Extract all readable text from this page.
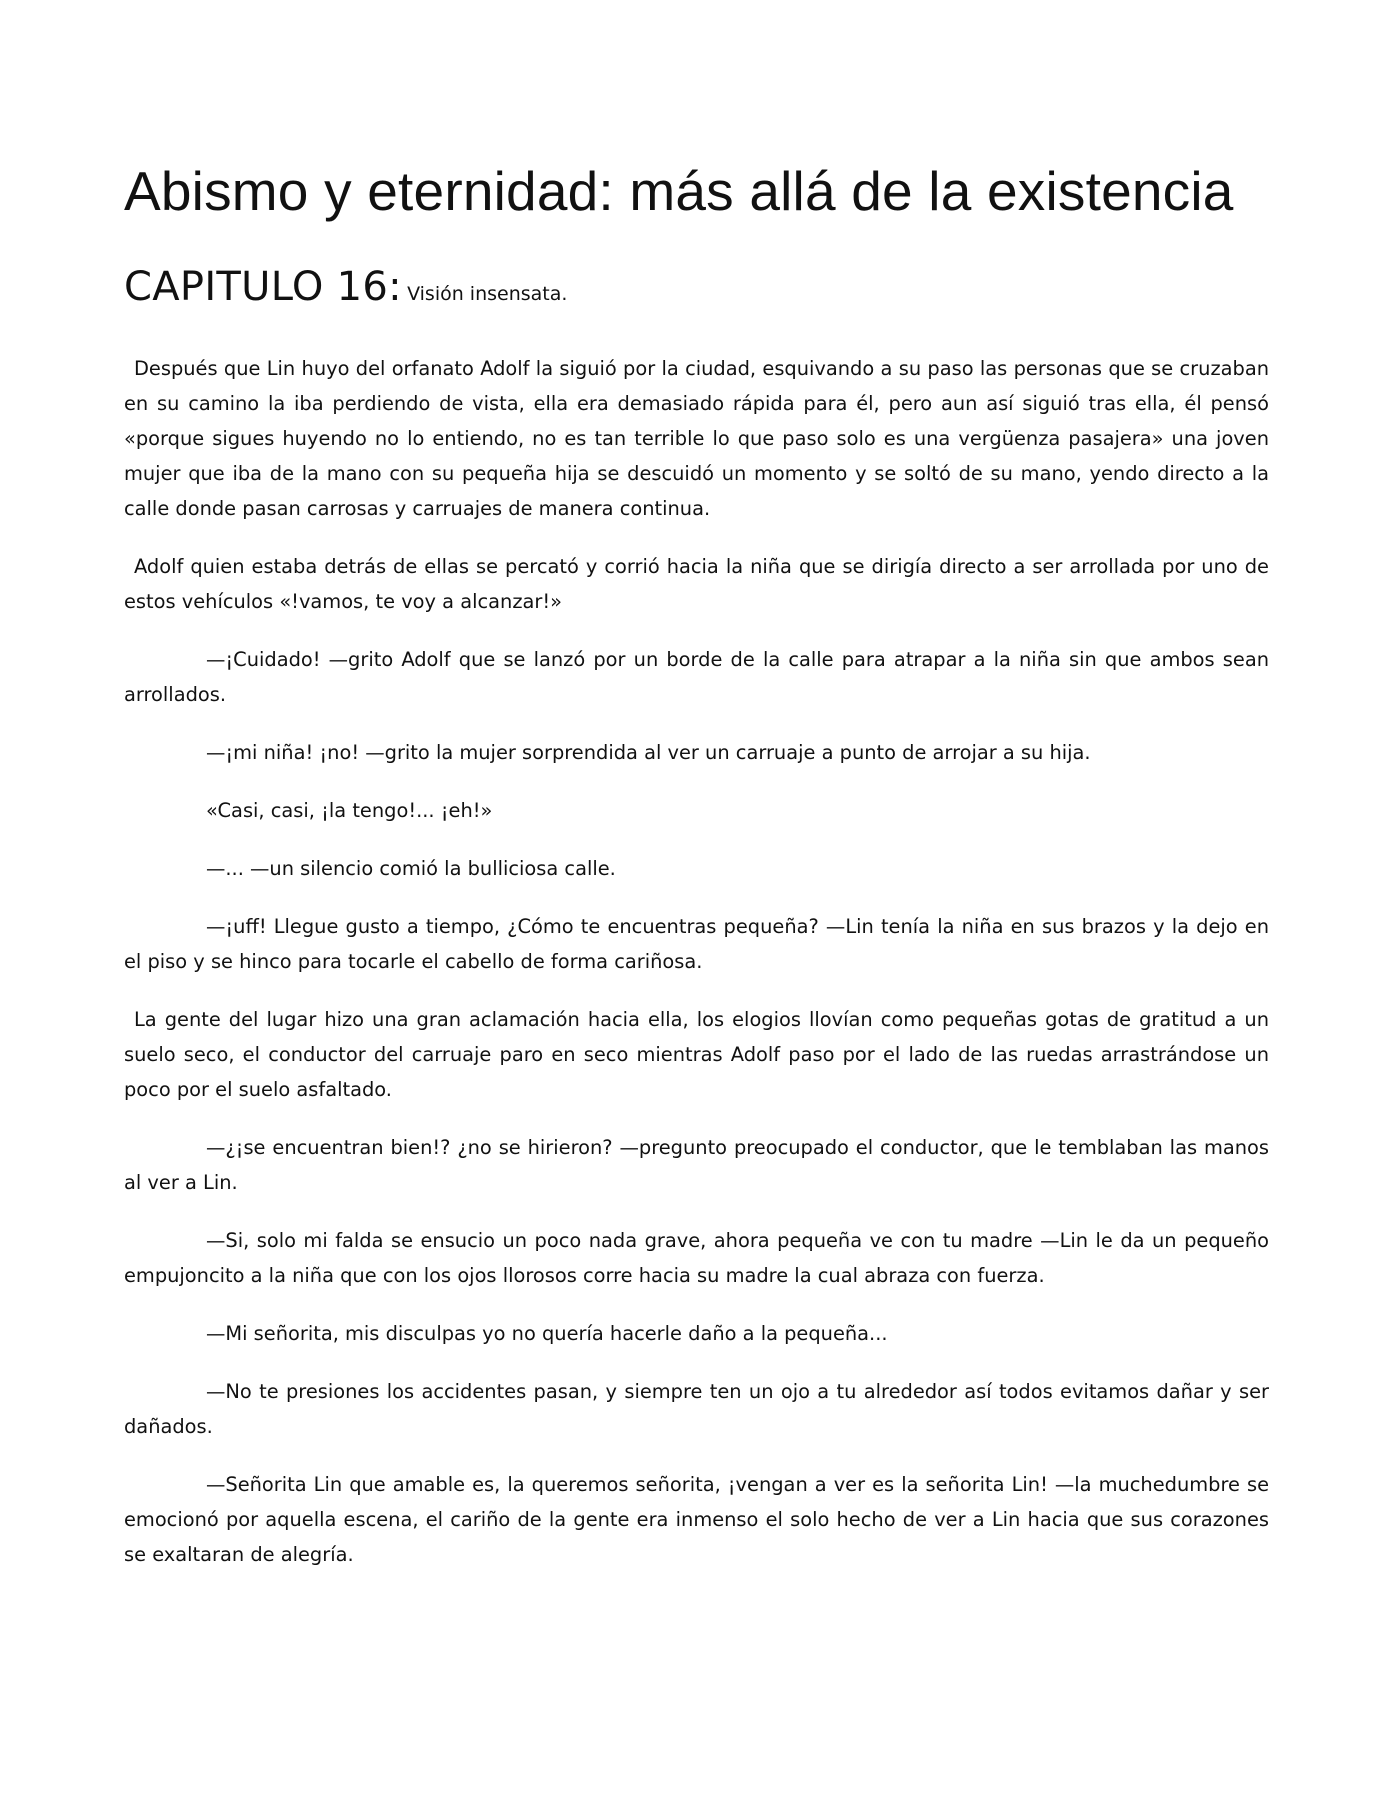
Abismo y eternidad: más allá de la existencia
CAPITULO 16: Visión insensata.

Después que Lin huyo del orfanato Adolf la siguió por la ciudad, esquivando a su paso las personas que se cruzaban en su camino la iba perdiendo de vista, ella era demasiado rápida para él, pero aun así siguió tras ella, él pensó «porque sigues huyendo no lo entiendo, no es tan terrible lo que paso solo es una vergüenza pasajera» una joven mujer que iba de la mano con su pequeña hija se descuidó un momento y se soltó de su mano, yendo directo a la calle donde pasan carrosas y carruajes de manera continua.

Adolf quien estaba detrás de ellas se percató y corrió hacia la niña que se dirigía directo a ser arrollada por uno de estos vehículos «!vamos, te voy a alcanzar!»

—¡Cuidado! —grito Adolf que se lanzó por un borde de la calle para atrapar a la niña sin que ambos sean arrollados.

—¡mi niña! ¡no! —grito la mujer sorprendida al ver un carruaje a punto de arrojar a su hija.

«Casi, casi, ¡la tengo!... ¡eh!»

—... —un silencio comió la bulliciosa calle.

—¡uff! Llegue gusto a tiempo, ¿Cómo te encuentras pequeña? —Lin tenía la niña en sus brazos y la dejo en el piso y se hinco para tocarle el cabello de forma cariñosa.

La gente del lugar hizo una gran aclamación hacia ella, los elogios llovían como pequeñas gotas de gratitud a un suelo seco, el conductor del carruaje paro en seco mientras Adolf paso por el lado de las ruedas arrastrándose un poco por el suelo asfaltado.

—¿¡se encuentran bien!? ¿no se hirieron? —pregunto preocupado el conductor, que le temblaban las manos al ver a Lin.

—Si, solo mi falda se ensucio un poco nada grave, ahora pequeña ve con tu madre —Lin le da un pequeño empujoncito a la niña que con los ojos llorosos corre hacia su madre la cual abraza con fuerza.

—Mi señorita, mis disculpas yo no quería hacerle daño a la pequeña...

—No te presiones los accidentes pasan, y siempre ten un ojo a tu alrededor así todos evitamos dañar y ser dañados.

—Señorita Lin que amable es, la queremos señorita, ¡vengan a ver es la señorita Lin! —la muchedumbre se emocionó por aquella escena, el cariño de la gente era inmenso el solo hecho de ver a Lin hacia que sus corazones se exaltaran de alegría.
